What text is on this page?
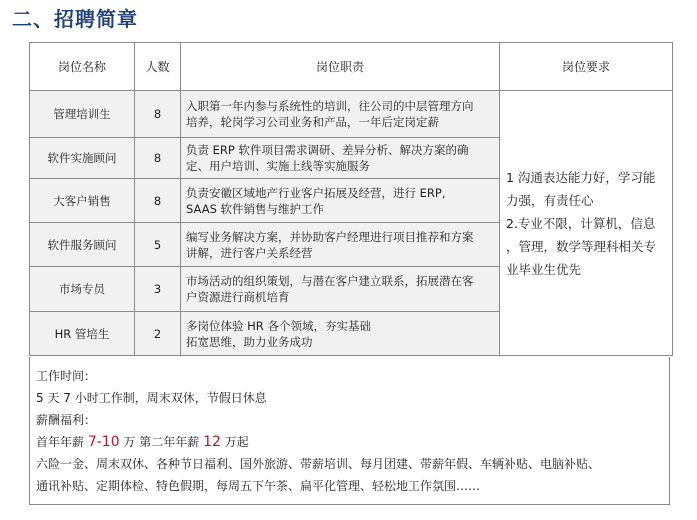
二、招聘简章
岗位名称	人数	岗位职责	岗位要求
管理培训生	8	入职第一年内参与系统性的培训，往公司的中层管理方向
培养，轮岗学习公司业务和产品，一年后定岗定薪	1 沟通表达能力好，学习能
力强，有责任心
2.专业不限，计算机，信息
，管理，数学等理科相关专
业毕业生优先

软件实施顾问	8	负责 ERP 软件项目需求调研、差异分析、解决方案的确
定、用户培训、实施上线等实施服务	

大客户销售	8	负责安徽区域地产行业客户拓展及经营，进行 ERP,
SAAS 软件销售与维护工作	

软件服务顾问	5	编写业务解决方案，并协助客户经理进行项目推荐和方案
讲解，进行客户关系经营	

市场专员	3	市场活动的组织策划，与潜在客户建立联系，拓展潜在客
户资源进行商机培育	

HR 管培生	2	多岗位体验 HR 各个领域，夯实基础
拓宽思维，助力业务成功	
工作时间：
5 天 7 小时工作制，周末双休，节假日休息
薪酬福利：
首年年薪 7-10 万 第二年年薪 12 万起
六险一金、周末双休、各种节日福利、国外旅游、带薪培训、每月团建、带薪年假、车辆补贴、电脑补贴、
通讯补贴、定期体检、特色假期，每周五下午茶、扁平化管理、轻松地工作氛围……
